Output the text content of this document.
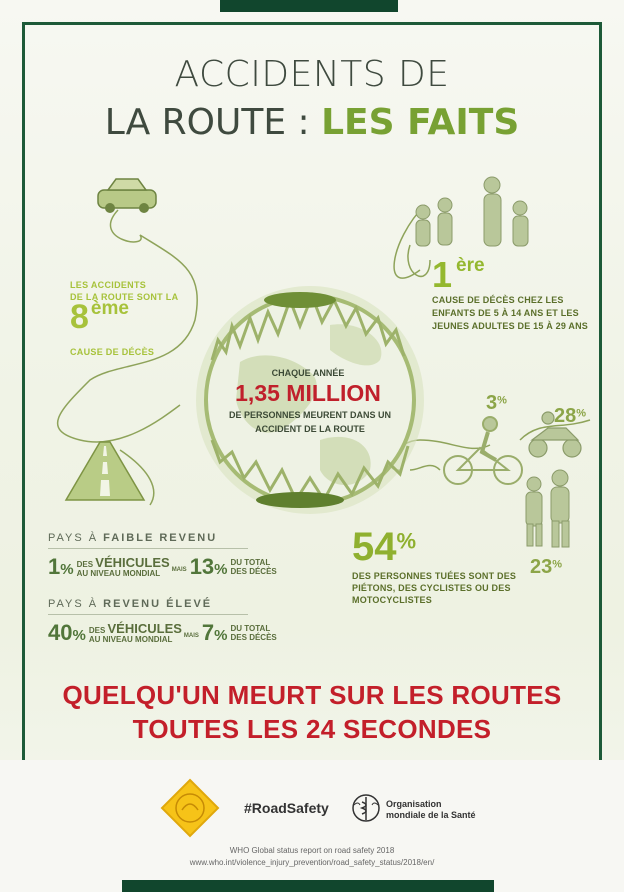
ACCIDENTS DE
LA ROUTE : LES FAITS
LES ACCIDENTS
DE LA ROUTE SONT LA
8 $^{ème}$
CAUSE DE DÉCÈS
1 $^{ère}$
CAUSE DE DÉCÈS CHEZ LES
ENFANTS DE 5 À 14 ANS ET LES
JEUNES ADULTES DE 15 À 29 ANS
CHAQUE ANNÉE
1,35 MILLION
DE PERSONNES MEURENT DANS UN
ACCIDENT DE LA ROUTE
3%
28%
23%
54%
DES PERSONNES TUÉES SONT DES
PIÉTONS, DES CYCLISTES OU DES
MOTOCYCLISTES
PAYS À FAIBLE REVENU
1% DES VÉHICULES
AU NIVEAU MONDIAL	MAIS 13% DU TOTAL
DES DÉCÈS
PAYS À REVENU ÉLEVÉ
40% DES VÉHICULES
AU NIVEAU MONDIAL	MAIS 7% DU TOTAL
DES DÉCÈS
QUELQU'UN MEURT SUR LES ROUTES
TOUTES LES 24 SECONDES
#RoadSafety	Organisation
mondiale de la Santé
WHO Global status report on road safety 2018
www.who.int/violence_injury_prevention/road_safety_status/2018/en/
